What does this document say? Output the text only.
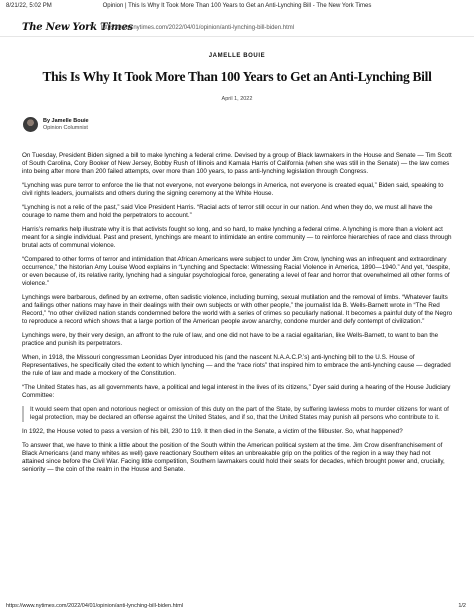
8/21/22, 5:02 PM	Opinion | This Is Why It Took More Than 100 Years to Get an Anti-Lynching Bill - The New York Times
The New York Times
https://www.nytimes.com/2022/04/01/opinion/anti-lynching-bill-biden.html
JAMELLE BOUIE
This Is Why It Took More Than 100 Years to Get an Anti-Lynching Bill
April 1, 2022
By Jamelle Bouie
Opinion Columnist

On Tuesday, President Biden signed a bill to make lynching a federal crime. Devised by a group of Black lawmakers in the House and Senate — Tim Scott of South Carolina, Cory Booker of New Jersey, Bobby Rush of Illinois and Kamala Harris of California (when she was still in the Senate) — the law comes into being after more than 200 failed attempts, over more than 100 years, to pass anti-lynching legislation through Congress.

“Lynching was pure terror to enforce the lie that not everyone, not everyone belongs in America, not everyone is created equal,” Biden said, speaking to civil rights leaders, journalists and others during the signing ceremony at the White House.

“Lynching is not a relic of the past,” said Vice President Harris. “Racial acts of terror still occur in our nation. And when they do, we must all have the courage to name them and hold the perpetrators to account.”

Harris’s remarks help illustrate why it is that activists fought so long, and so hard, to make lynching a federal crime. A lynching is more than a violent act meant for a single individual. Past and present, lynchings are meant to intimidate an entire community — to reinforce hierarchies of race and class through brutal acts of communal violence.

“Compared to other forms of terror and intimidation that African Americans were subject to under Jim Crow, lynching was an infrequent and extraordinary occurrence,” the historian Amy Louise Wood explains in “Lynching and Spectacle: Witnessing Racial Violence in America, 1890—1940.” And yet, “despite, or even because of, its relative rarity, lynching had a singular psychological force, generating a level of fear and horror that overwhelmed all other forms of violence.”

Lynchings were barbarous, defined by an extreme, often sadistic violence, including burning, sexual mutilation and the removal of limbs. “Whatever faults and failings other nations may have in their dealings with their own subjects or with other people,” the journalist Ida B. Wells-Barnett wrote in “The Red Record,” “no other civilized nation stands condemned before the world with a series of crimes so peculiarly national. It becomes a painful duty of the Negro to reproduce a record which shows that a large portion of the American people avow anarchy, condone murder and defy contempt of civilization.”

Lynchings were, by their very design, an affront to the rule of law, and one did not have to be a racial egalitarian, like Wells-Barnett, to want to ban the practice and punish its perpetrators.

When, in 1918, the Missouri congressman Leonidas Dyer introduced his (and the nascent N.A.A.C.P.’s) anti-lynching bill to the U.S. House of Representatives, he specifically cited the extent to which lynching — and the “race riots” that inspired him to embrace the anti-lynching cause — degraded the rule of law and made a mockery of the Constitution.

“The United States has, as all governments have, a political and legal interest in the lives of its citizens,” Dyer said during a hearing of the House Judiciary Committee:

It would seem that open and notorious neglect or omission of this duty on the part of the State, by suffering lawless mobs to murder citizens for want of legal protection, may be declared an offense against the United States, and if so, that the United States may punish all persons who contribute to it.

In 1922, the House voted to pass a version of his bill, 230 to 119. It then died in the Senate, a victim of the filibuster. So, what happened?

To answer that, we have to think a little about the position of the South within the American political system at the time. Jim Crow disenfranchisement of Black Americans (and many whites as well) gave reactionary Southern elites an unbreakable grip on the politics of the region in a way they had not attained since before the Civil War. Facing little competition, Southern lawmakers could hold their seats for decades, which brought power and, crucially, seniority — the coin of the realm in the House and Senate.

https://www.nytimes.com/2022/04/01/opinion/anti-lynching-bill-biden.html	1/2
